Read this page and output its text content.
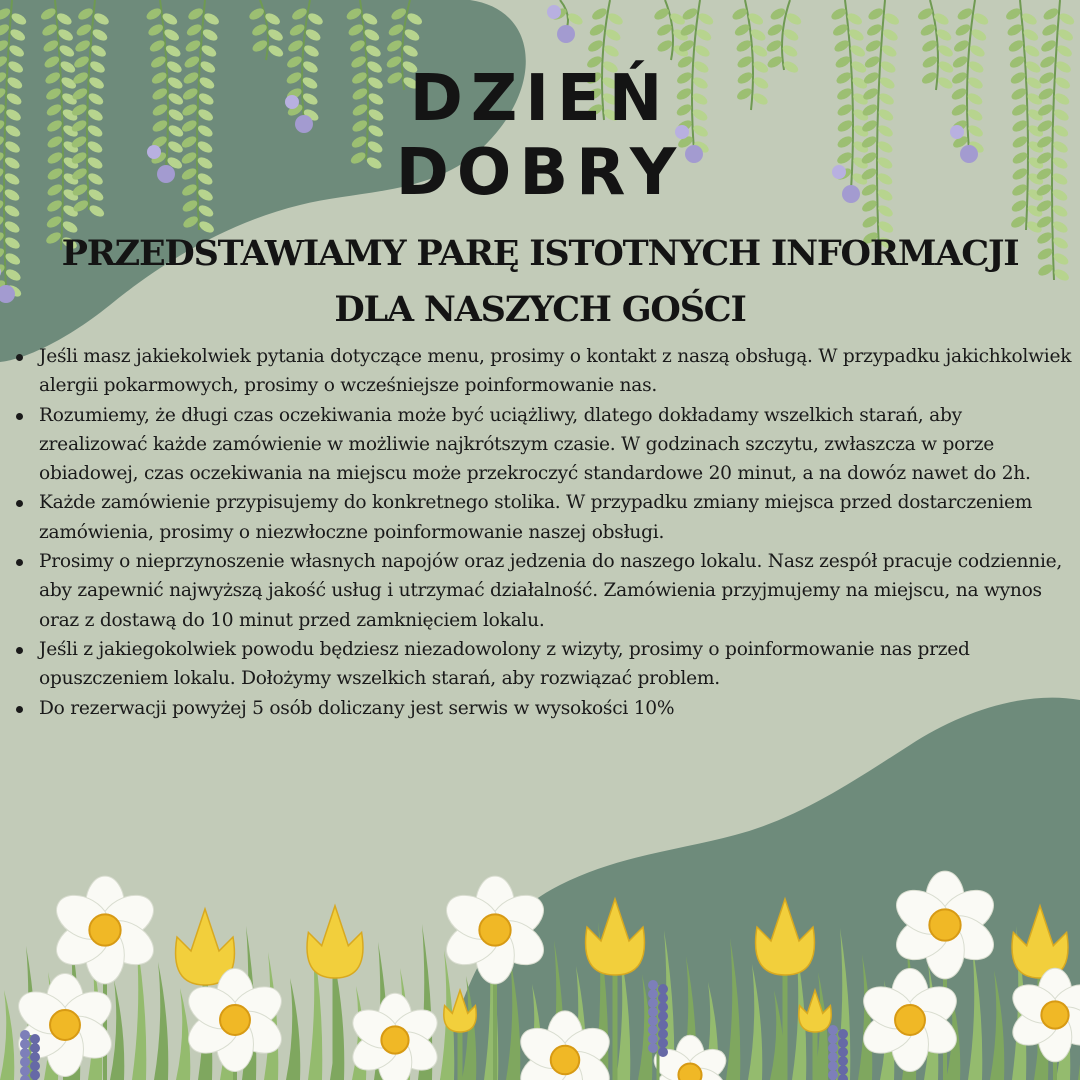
DZIEŃ
DOBRY
PRZEDSTAWIAMY PARĘ ISTOTNYCH INFORMACJI
DLA NASZYCH GOŚCI
Jeśli masz jakiekolwiek pytania dotyczące menu, prosimy o kontakt z naszą obsługą. W przypadku jakichkolwiek alergii pokarmowych, prosimy o wcześniejsze poinformowanie nas.
Rozumiemy, że długi czas oczekiwania może być uciążliwy, dlatego dokładamy wszelkich starań, aby zrealizować każde zamówienie w możliwie najkrótszym czasie. W godzinach szczytu, zwłaszcza w porze obiadowej, czas oczekiwania na miejscu może przekroczyć standardowe 20 minut, a na dowóz nawet do 2h.
Każde zamówienie przypisujemy do konkretnego stolika. W przypadku zmiany miejsca przed dostarczeniem zamówienia, prosimy o niezwłoczne poinformowanie naszej obsługi.
Prosimy o nieprzynoszenie własnych napojów oraz jedzenia do naszego lokalu. Nasz zespół pracuje codziennie, aby zapewnić najwyższą jakość usług i utrzymać działalność. Zamówienia przyjmujemy na miejscu, na wynos oraz z dostawą do 10 minut przed zamknięciem lokalu.
Jeśli z jakiegokolwiek powodu będziesz niezadowolony z wizyty, prosimy o poinformowanie nas przed opuszczeniem lokalu. Dołożymy wszelkich starań, aby rozwiązać problem.
Do rezerwacji powyżej 5 osób doliczany jest serwis w wysokości 10%
